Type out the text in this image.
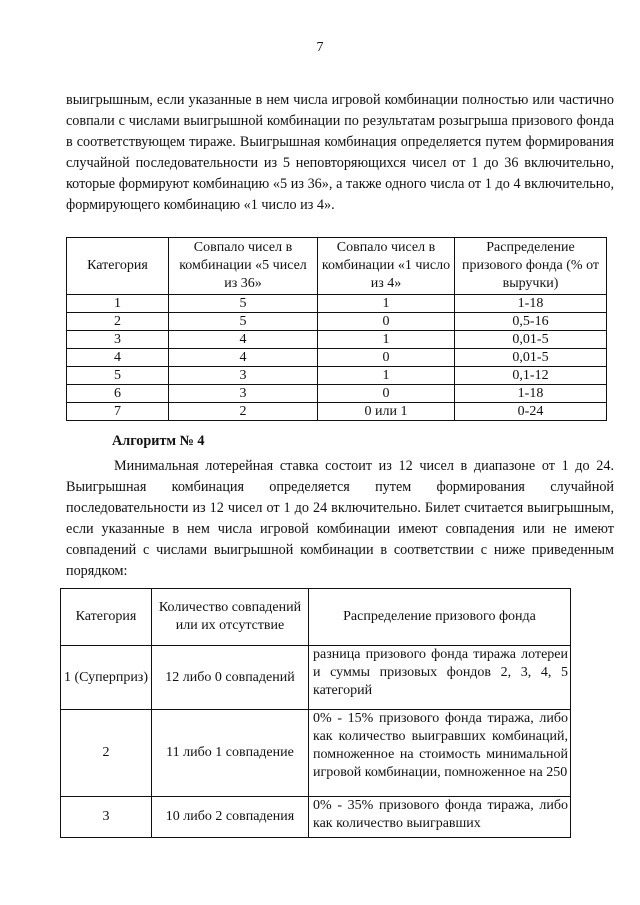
7

выигрышным, если указанные в нем числа игровой комбинации полностью или частично совпали с числами выигрышной комбинации по результатам розыгрыша призового фонда в соответствующем тираже. Выигрышная комбинация определяется путем формирования случайной последовательности из 5 неповторяющихся чисел от 1 до 36 включительно, которые формируют комбинацию «5 из 36», а также одного числа от 1 до 4 включительно, формирующего комбинацию «1 число из 4».

Категория	Совпало чисел в комбинации «5 чисел из 36»	Совпало чисел в комбинации «1 число из 4»	Распределение призового фонда (% от выручки)
1	5	1	1-18
2	5	0	0,5-16
3	4	1	0,01-5
4	4	0	0,01-5
5	3	1	0,1-12
6	3	0	1-18
7	2	0 или 1	0-24

Алгоритм № 4

Минимальная лотерейная ставка состоит из 12 чисел в диапазоне от 1 до 24. Выигрышная комбинация определяется путем формирования случайной последовательности из 12 чисел от 1 до 24 включительно. Билет считается выигрышным, если указанные в нем числа игровой комбинации имеют совпадения или не имеют совпадений с числами выигрышной комбинации в соответствии с ниже приведенным порядком:

Категория	Количество совпадений или их отсутствие	Распределение призового фонда
1 (Суперприз)	12 либо 0 совпадений	разница призового фонда тиража лотереи и суммы призовых фондов 2, 3, 4, 5 категорий
2	11 либо 1 совпадение	0% - 15% призового фонда тиража, либо как количество выигравших комбинаций, помноженное на стоимость минимальной игровой комбинации, помноженное на 250
3	10 либо 2 совпадения	0% - 35% призового фонда тиража, либо как количество выигравших
